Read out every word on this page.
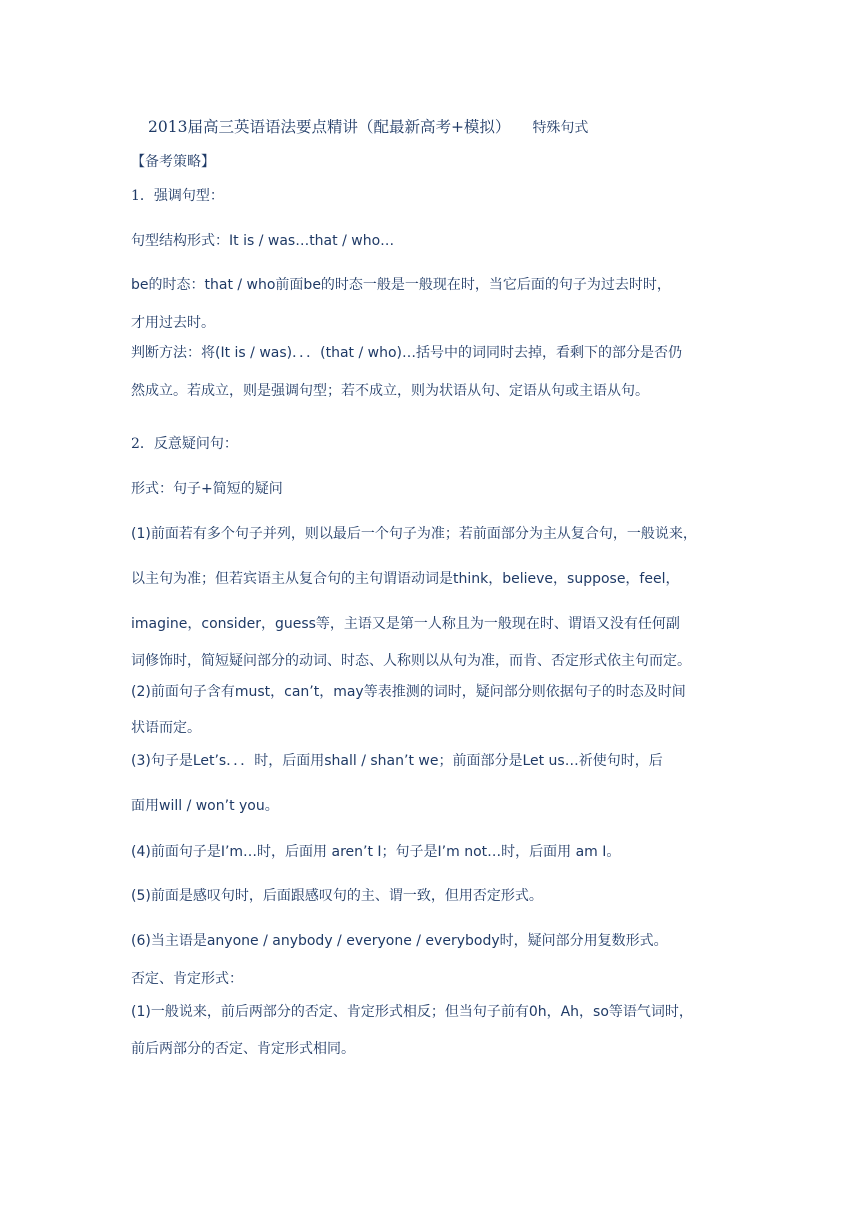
2013届高三英语语法要点精讲（配最新高考+模拟） 特殊句式
【备考策略】
1．强调句型：
句型结构形式：It is / was…that / who…
be的时态：that / who前面be的时态一般是一般现在时，当它后面的句子为过去时时，
才用过去时。
判断方法：将(It is / was)．．．(that / who)…括号中的词同时去掉，看剩下的部分是否仍
然成立。若成立，则是强调句型；若不成立，则为状语从句、定语从句或主语从句。
2．反意疑问句：
形式：句子+简短的疑问
(1)前面若有多个句子并列，则以最后一个句子为准；若前面部分为主从复合句，一般说来，
以主句为准；但若宾语主从复合句的主句谓语动词是think，believe，suppose，feel，
imagine，consider，guess等，主语又是第一人称且为一般现在时、谓语又没有任何副
词修饰时，简短疑问部分的动词、时态、人称则以从句为准，而肯、否定形式依主句而定。
(2)前面句子含有must，can’t，may等表推测的词时，疑问部分则依据句子的时态及时间
状语而定。
(3)句子是Let’s．．．时，后面用shall / shan’t we；前面部分是Let us…祈使句时，后
面用will / won’t you。
(4)前面句子是I’m…时，后面用 aren’t I；句子是I’m not…时，后面用 am I。
(5)前面是感叹句时，后面跟感叹句的主、谓一致，但用否定形式。
(6)当主语是anyone / anybody / everyone / everybody时，疑问部分用复数形式。
否定、肯定形式：
(1)一般说来，前后两部分的否定、肯定形式相反；但当句子前有0h，Ah，so等语气词时，
前后两部分的否定、肯定形式相同。
